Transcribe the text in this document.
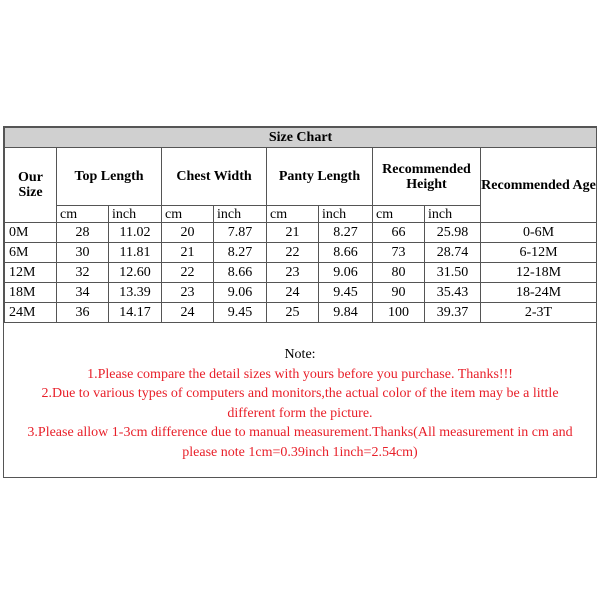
Size Chart									
Our Size	Top Length		Chest Width		Panty Length		Recommended Height		Recommended Age
	cm	inch	cm	inch	cm	inch	cm	inch	
0M	28	11.02	20	7.87	21	8.27	66	25.98	0-6M
6M	30	11.81	21	8.27	22	8.66	73	28.74	6-12M
12M	32	12.60	22	8.66	23	9.06	80	31.50	12-18M
18M	34	13.39	23	9.06	24	9.45	90	35.43	18-24M
24M	36	14.17	24	9.45	25	9.84	100	39.37	2-3T
Note:
1.Please compare the detail sizes with yours before you purchase. Thanks!!!
2.Due to various types of computers and monitors,the actual color of the item may be a little
different form the picture.
3.Please allow 1-3cm difference due to manual measurement.Thanks(All measurement in cm and
please note 1cm=0.39inch 1inch=2.54cm)
